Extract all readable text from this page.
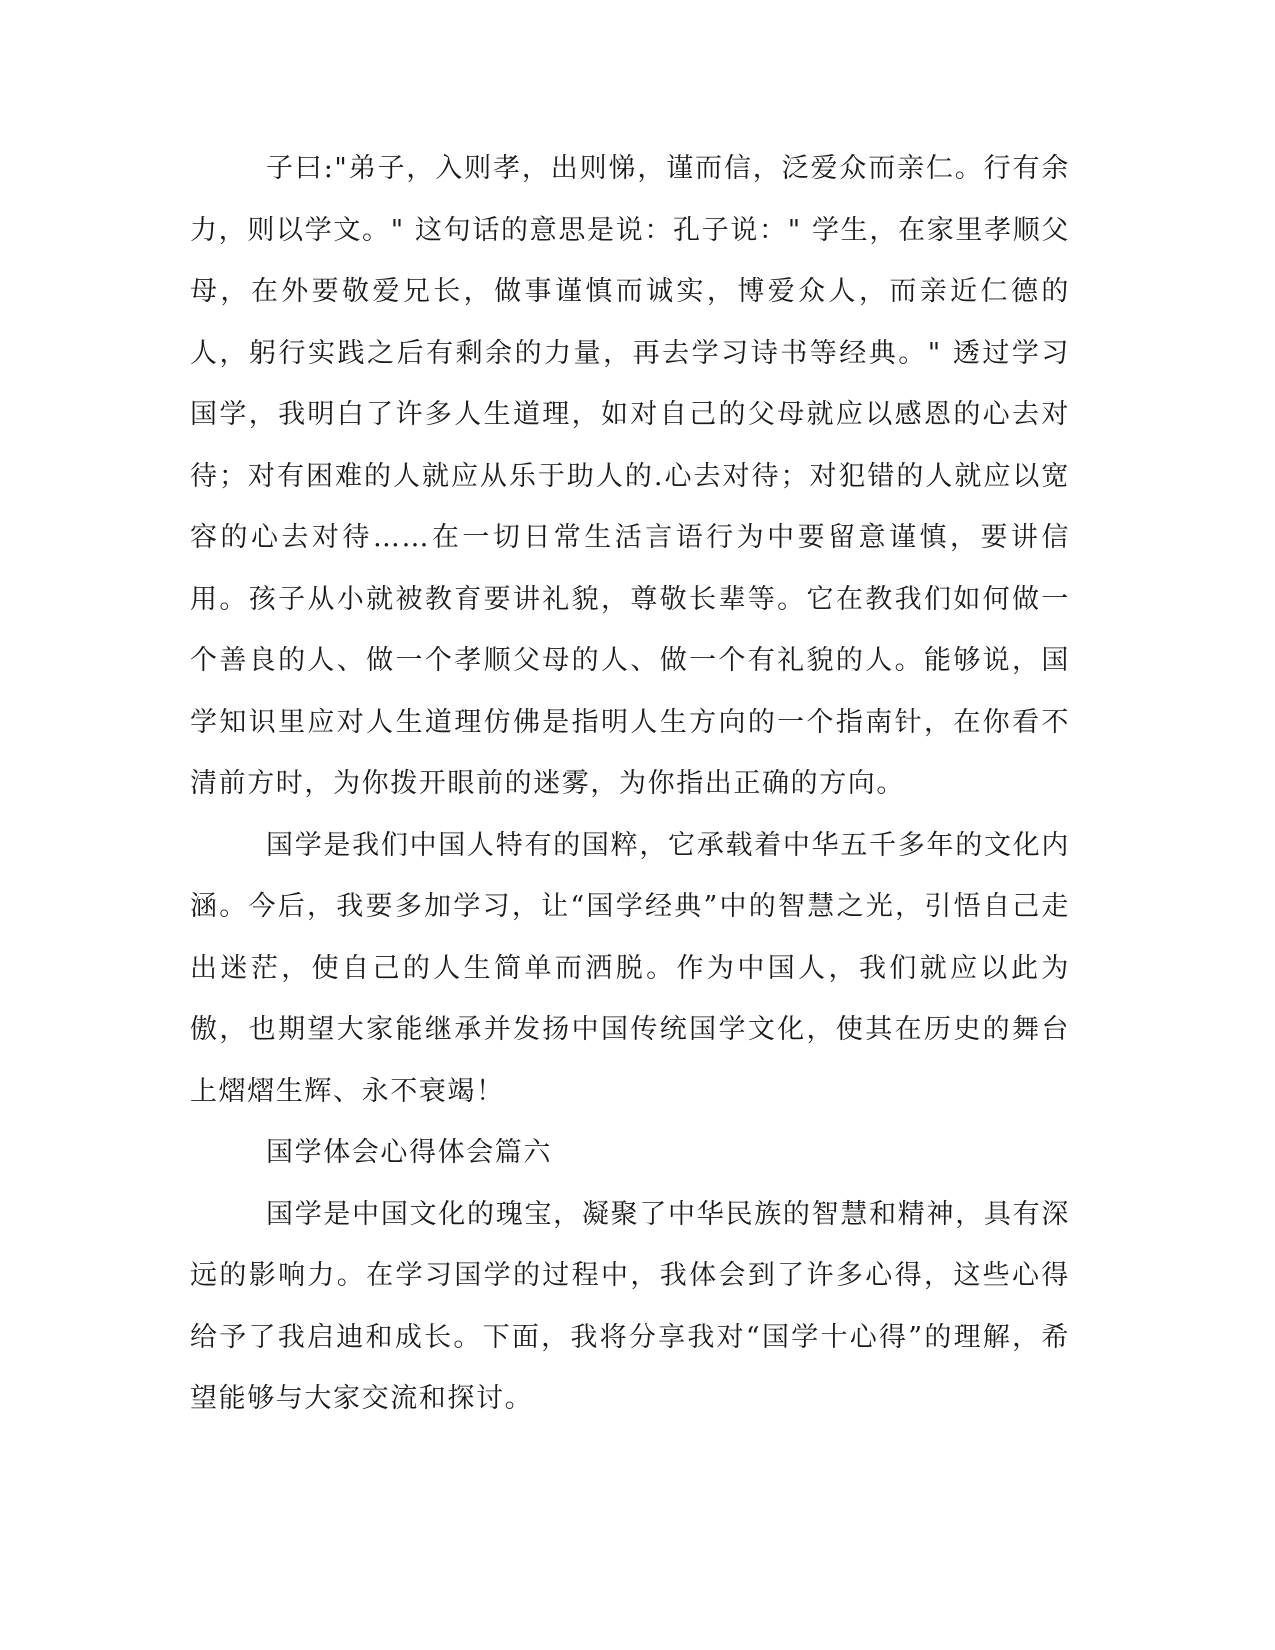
子曰:"弟子，入则孝，出则悌，谨而信，泛爱众而亲仁。行有余力，则以学文。" 这句话的意思是说：孔子说：" 学生，在家里孝顺父母，在外要敬爱兄长，做事谨慎而诚实，博爱众人，而亲近仁德的人，躬行实践之后有剩余的力量，再去学习诗书等经典。" 透过学习国学，我明白了许多人生道理，如对自己的父母就应以感恩的心去对待；对有困难的人就应从乐于助人的.心去对待；对犯错的人就应以宽容的心去对待……在一切日常生活言语行为中要留意谨慎，要讲信用。孩子从小就被教育要讲礼貌，尊敬长辈等。它在教我们如何做一个善良的人、做一个孝顺父母的人、做一个有礼貌的人。能够说，国学知识里应对人生道理仿佛是指明人生方向的一个指南针，在你看不清前方时，为你拨开眼前的迷雾，为你指出正确的方向。

国学是我们中国人特有的国粹，它承载着中华五千多年的文化内涵。今后，我要多加学习，让“国学经典”中的智慧之光，引悟自己走出迷茫，使自己的人生简单而洒脱。作为中国人，我们就应以此为傲，也期望大家能继承并发扬中国传统国学文化，使其在历史的舞台上熠熠生辉、永不衰竭！

国学体会心得体会篇六

国学是中国文化的瑰宝，凝聚了中华民族的智慧和精神，具有深远的影响力。在学习国学的过程中，我体会到了许多心得，这些心得给予了我启迪和成长。下面，我将分享我对“国学十心得”的理解，希望能够与大家交流和探讨。
